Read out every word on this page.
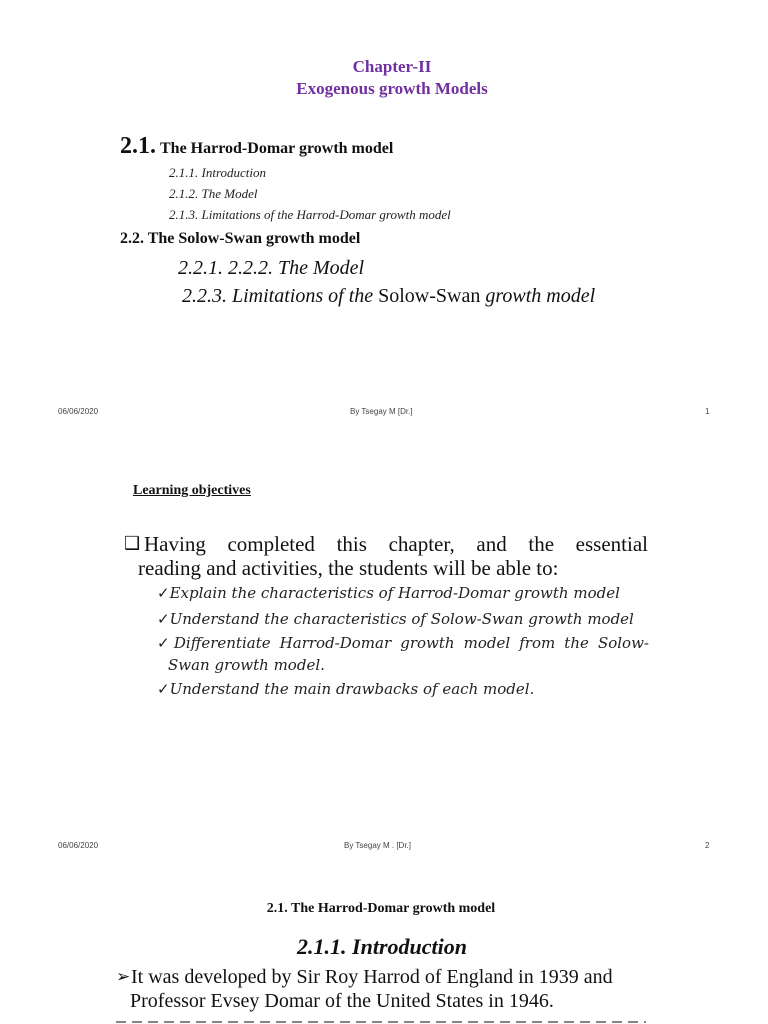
Chapter-II
Exogenous growth Models
2.1. The Harrod-Domar growth model
2.1.1. Introduction
2.1.2. The Model
2.1.3. Limitations of the Harrod-Domar growth model
2.2. The Solow-Swan growth model
2.2.1. 2.2.2. The Model
2.2.3. Limitations of the Solow-Swan growth model
06/06/2020	By Tsegay M [Dr.]	1
Learning objectives
❑ Having completed this chapter, and the essential
reading and activities, the students will be able to:
✓Explain the characteristics of Harrod-Domar growth model
✓Understand the characteristics of Solow-Swan growth model
✓Differentiate Harrod-Domar growth model from the Solow-
Swan growth model.
✓Understand the main drawbacks of each model.
06/06/2020	By Tsegay M . [Dr.]	2
2.1. The Harrod-Domar growth model
2.1.1. Introduction
➢ It was developed by Sir Roy Harrod of England in 1939 and
Professor Evsey Domar of the United States in 1946.
